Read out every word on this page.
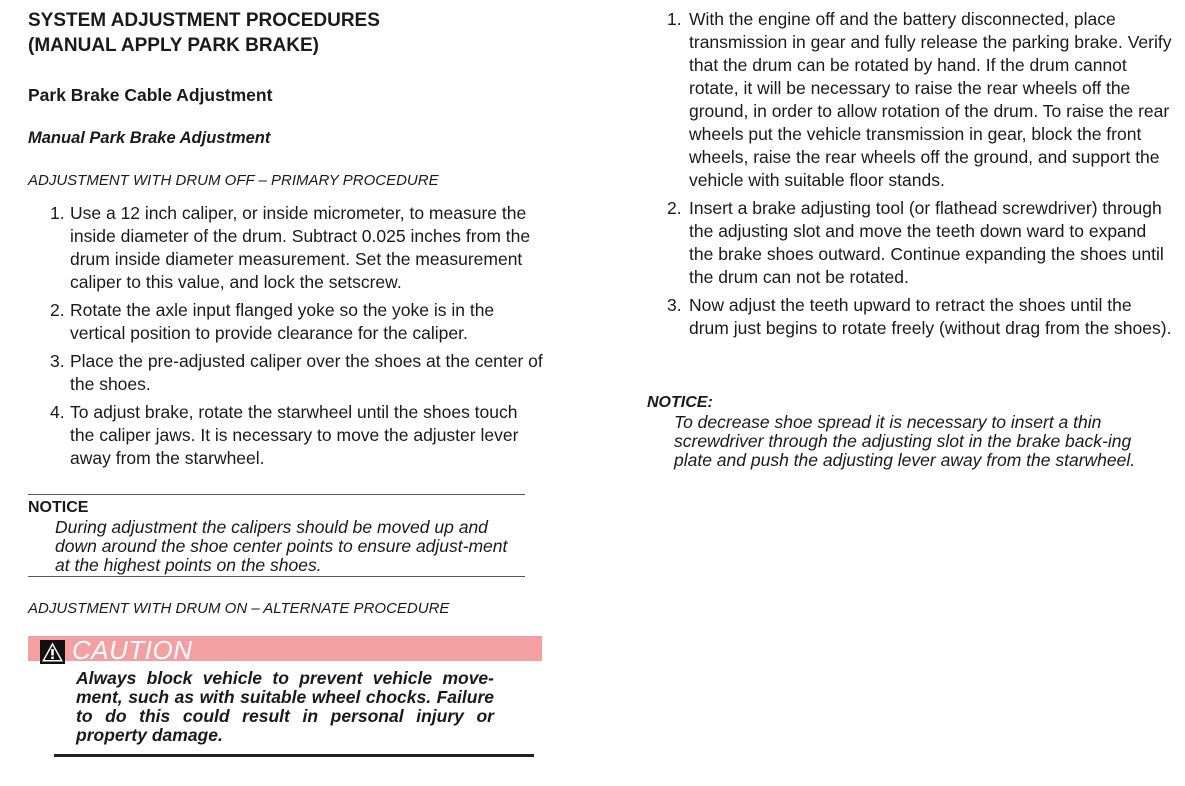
SYSTEM ADJUSTMENT PROCEDURES

(MANUAL APPLY PARK BRAKE)

Park Brake Cable Adjustment

Manual Park Brake Adjustment

ADJUSTMENT WITH DRUM OFF – PRIMARY PROCEDURE

1. Use a 12 inch caliper, or inside micrometer, to measure the inside diameter of the drum. Subtract 0.025 inches from the drum inside diameter measurement. Set the measurement caliper to this value, and lock the setscrew.
2. Rotate the axle input flanged yoke so the yoke is in the vertical position to provide clearance for the caliper.
3. Place the pre-adjusted caliper over the shoes at the center of the shoes.
4. To adjust brake, rotate the starwheel until the shoes touch the caliper jaws. It is necessary to move the adjuster lever away from the starwheel.

NOTICE

During adjustment the calipers should be moved up and down around the shoe center points to ensure adjust-ment at the highest points on the shoes.

ADJUSTMENT WITH DRUM ON – ALTERNATE PROCEDURE

CAUTION

Always block vehicle to prevent vehicle move-ment, such as with suitable wheel chocks. Failure to do this could result in personal injury or property damage.

1. With the engine off and the battery disconnected, place transmission in gear and fully release the parking brake. Verify that the drum can be rotated by hand. If the drum cannot rotate, it will be necessary to raise the rear wheels off the ground, in order to allow rotation of the drum. To raise the rear wheels put the vehicle transmission in gear, block the front wheels, raise the rear wheels off the ground, and support the vehicle with suitable floor stands.
2. Insert a brake adjusting tool (or flathead screwdriver) through the adjusting slot and move the teeth down ward to expand the brake shoes outward. Continue expanding the shoes until the drum can not be rotated.
3. Now adjust the teeth upward to retract the shoes until the drum just begins to rotate freely (without drag from the shoes).

NOTICE:

To decrease shoe spread it is necessary to insert a thin screwdriver through the adjusting slot in the brake back-ing plate and push the adjusting lever away from the starwheel.
